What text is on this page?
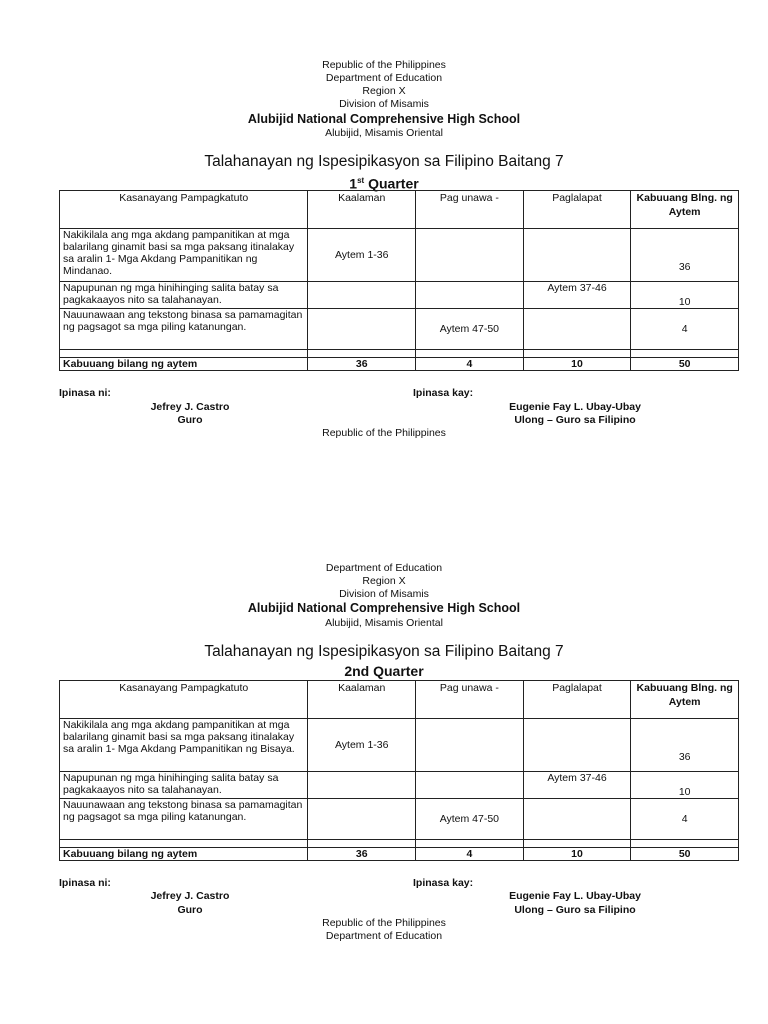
Republic of the Philippines
Department of Education
Region X
Division of Misamis
Alubijid National Comprehensive High School
Alubijid, Misamis Oriental
Talahanayan ng Ispesipikasyon sa Filipino Baitang 7
1st Quarter
Kasanayang Pampagkatuto	Kaalaman	Pag unawa -	Paglalapat	Kabuuang Blng. ng Aytem
Nakikilala ang mga akdang pampanitikan at mga balarilang ginamit basi sa mga paksang itinalakay sa aralin 1- Mga Akdang Pampanitikan ng Mindanao.	Aytem 1-36			36
Napupunan ng mga hinihinging salita batay sa pagkakaayos nito sa talahanayan.			Aytem 37-46	10
Nauunawaan ang tekstong binasa sa pamamagitan ng pagsagot sa mga piling katanungan.		Aytem 47-50		4

Kabuuang bilang ng aytem	36	4	10	50
Ipinasa ni:	Ipinasa kay:
Jefrey J. Castro
Guro
Eugenie Fay L. Ubay-Ubay
Ulong – Guro sa Filipino
Republic of the Philippines
Department of Education
Region X
Division of Misamis
Alubijid National Comprehensive High School
Alubijid, Misamis Oriental
Talahanayan ng Ispesipikasyon sa Filipino Baitang 7
2nd Quarter
Kasanayang Pampagkatuto	Kaalaman	Pag unawa -	Paglalapat	Kabuuang Blng. ng Aytem
Nakikilala ang mga akdang pampanitikan at mga balarilang ginamit basi sa mga paksang itinalakay sa aralin 1- Mga Akdang Pampanitikan ng Bisaya.	Aytem 1-36			36
Napupunan ng mga hinihinging salita batay sa pagkakaayos nito sa talahanayan.			Aytem 37-46	10
Nauunawaan ang tekstong binasa sa pamamagitan ng pagsagot sa mga piling katanungan.		Aytem 47-50		4

Kabuuang bilang ng aytem	36	4	10	50
Ipinasa ni:	Ipinasa kay:
Jefrey J. Castro
Guro
Eugenie Fay L. Ubay-Ubay
Ulong – Guro sa Filipino
Republic of the Philippines
Department of Education
